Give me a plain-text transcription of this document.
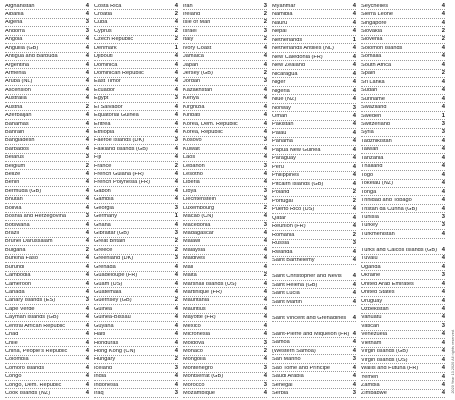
Afghanistan	4
Albania	4
Algeria	3
Andorra	3
Angola	4
Anguilla (GB)	4
Antigua and Barbuda	4
Argentina	4
Armenia	4
Aruba (NL)	4
Ascension	4
Australia	4
Austria	2
Azerbaijan	4
Bahamas	4
Bahrain	4
Bangladesh	4
Barbados	4
Belarus	3
Belgium	2
Belize	4
Benin	4
Bermuda (GB)	4
Bhutan	4
Bolivia	4
Bosnia and Herzegovina	3
Botswana	4
Brazil	4
Brunei Darussalam	4
Bulgaria	2
Burkina Faso	4
Burundi	4
Cambodia	4
Cameroon	4
Canada	4
Canary Islands (ES)	3
Cape Verde	4
Cayman Islands (GB)	4
Central African Republic	4
Chad	4
Chile	4
China, People's Republic	4
Colombia	4
Comoro Islands	4
Congo	4
Congo, Dem. Republic	4
Cook Islands (NZ)	4
Costa Rica	4
Croatia	2
Cuba	4
Cyprus	2
Czech Republic	2
Denmark	1
Djibouti	4
Dominica	4
Dominican Republic	4
East Timor	4
Ecuador	4
Egypt	3
El Salvador	4
Equatorial Guinea	4
Eritrea	4
Ethiopia	4
Faeroe Islands (DK)	3
Falkland Islands (GB)	4
Fiji	4
France	2
French Guiana (FR)	4
French Polynesia (FR)	4
Gabon	4
Gambia	4
Georgia	3
Germany	1
Ghana	4
Gibraltar (GB)	3
Great Britain	2
Greece	2
Greenland (DK)	3
Grenada	4
Guadeloupe (FR)	4
Guam (US)	4
Guatemala	4
Guernsey (GB)	2
Guinea	4
Guinea-Bissau	4
Guyana	4
Haiti	4
Honduras	4
Hong Kong (CN)	4
Hungary	2
Iceland	3
India	4
Indonesia	4
Iraq	3
Iran	3
Ireland	2
Isle of Man	2
Israel	3
Italy	2
Ivory Coast	4
Jamaica	4
Japan	4
Jersey (GB)	2
Jordan	3
Kazakhstan	4
Kenya	4
Kirghizia	4
Kiribati	4
Korea, Dem. Republic	4
Korea, Republic	4
Kosovo	3
Kuwait	4
Laos	4
Lebanon	3
Lesotho	4
Liberia	4
Libya	3
Liechtenstein	3
Luxembourg	2
Macao (CN)	4
Macedonia	3
Madagascar	4
Malawi	4
Malaysia	4
Maldives	4
Mali	4
Malta	2
Marshall Islands (US)	4
Martinique (FR)	4
Mauritania	4
Mauritius	4
Mayotte (FR)	4
Mexico	4
Micronesia	4
Moldova	3
Monaco	2
Mongolia	4
Montenegro	3
Montserrat (GB)	4
Morocco	3
Mozambique	4
Myanmar	4
Namibia	4
Nauru	4
Nepal	4
Netherlands	1
Netherlands Antilles (NL)	4
New Caledonia (FR)	4
New Zealand	4
Nicaragua	4
Niger	4
Nigeria	4
Niue (NZ)	4
Norway	3
Oman	4
Pakistan	4
Palau	4
Panama	4
Papua New Guinea	4
Paraguay	4
Peru	4
Philippines	4
Pitcairn Islands (GB)	4
Poland	2
Portugal	2
Puerto Rico (US)	4
Qatar	4
Réunion (FR)	4
Romania	2
Russia	3
Rwanda	4
Saint Barthélemy	4
Saint Christopher and Nevis	4
Saint Helena (GB)	4
Saint Lucia	4
Saint Martin	4
Saint Vincent and Grenadines	4
Saint-Pierre and Miquelon (FR) 4
Samoa	4
(Western Samoa)	4
San Marino	3
São Tomé and Príncipe	4
Saudi Arabia	4
Senegal	4
Serbia	3
Seychelles	4
Sierra Leone	4
Singapore	4
Slovakia	2
Slovenia	2
Solomon Islands	4
Somalia	4
South Africa	4
Spain	2
Sri Lanka	4
Sudan	4
Suriname	4
Swaziland	4
Sweden	1
Switzerland	3
Syria	3
Tadzhikistan	4
Taiwan	4
Tanzania	4
Thailand	4
Togo	4
Tokelau (NZ)	4
Tonga	4
Trinidad and Tobago	4
Tristan da Cunha (GB)	4
Tunisia	3
Turkey	3
Turkmenistan	4
Turks and Caicos Islands (GB) 4
Tuvalu	4
Uganda	4
Ukraine	3
United Arab Emirates	4
United States	4
Uruguay	4
Uzbekistan	4
Vanuatu	4
Vatican	3
Venezuela	4
Vietnam	4
Virgin Islands (GB)	4
Virgin Islands (US)	4
Wallis and Futuna (FR)	4
Yemen	4
Zambia	4
Zimbabwe	4 2020 Year 13.2020 All rights reserved.
